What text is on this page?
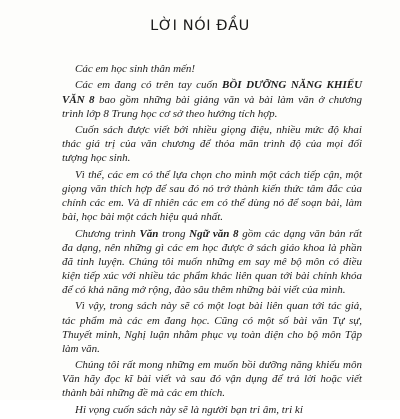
LỜI NÓI ĐẦU

Các em học sinh thân mến!

Các em đang có trên tay cuốn BỒI DƯỠNG NĂNG KHIẾU VĂN 8 bao gồm những bài giảng văn và bài làm văn ở chương trình lớp 8 Trung học cơ sở theo hướng tích hợp.

Cuốn sách được viết bởi nhiều giọng điệu, nhiều mức độ khai thác giá trị của văn chương để thỏa mãn trình độ của mọi đối tượng học sinh.

Vì thế, các em có thể lựa chọn cho mình một cách tiếp cận, một giọng văn thích hợp để sau đó nó trở thành kiến thức tâm đắc của chính các em. Và dĩ nhiên các em có thể dùng nó để soạn bài, làm bài, học bài một cách hiệu quả nhất.

Chương trình Văn trong Ngữ văn 8 gồm các dạng văn bản rất đa dạng, nên những gì các em học được ở sách giáo khoa là phần đã tinh luyện. Chúng tôi muốn những em say mê bộ môn có điều kiện tiếp xúc với nhiều tác phẩm khác liên quan tới bài chính khóa để có khả năng mở rộng, đào sâu thêm những bài viết của mình.

Vì vậy, trong sách này sẽ có một loạt bài liên quan tới tác giả, tác phẩm mà các em đang học. Cũng có một số bài văn Tự sự, Thuyết minh, Nghị luận nhằm phục vụ toàn diện cho bộ môn Tập làm văn.

Chúng tôi rất mong những em muốn bồi dưỡng năng khiếu môn Văn hãy đọc kĩ bài viết và sau đó vận dụng để trả lời hoặc viết thành bài những đề mà các em thích.

Hi vọng cuốn sách này sẽ là người bạn tri âm, tri kỉ
